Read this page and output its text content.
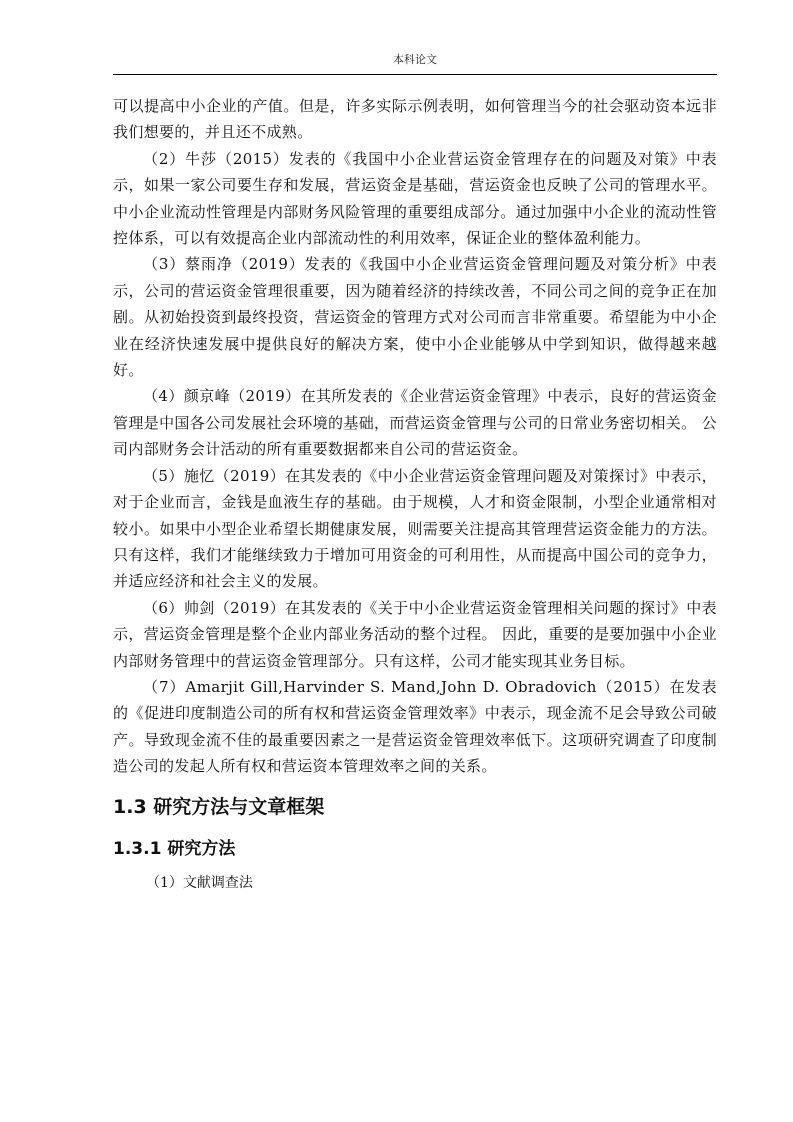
本科论文

可以提高中小企业的产值。但是，许多实际示例表明，如何管理当今的社会驱动资本远非我们想要的，并且还不成熟。

（2）牛莎（2015）发表的《我国中小企业营运资金管理存在的问题及对策》中表示，如果一家公司要生存和发展，营运资金是基础，营运资金也反映了公司的管理水平。中小企业流动性管理是内部财务风险管理的重要组成部分。通过加强中小企业的流动性管控体系，可以有效提高企业内部流动性的利用效率，保证企业的整体盈利能力。

（3）蔡雨净（2019）发表的《我国中小企业营运资金管理问题及对策分析》中表示，公司的营运资金管理很重要，因为随着经济的持续改善，不同公司之间的竞争正在加剧。从初始投资到最终投资，营运资金的管理方式对公司而言非常重要。希望能为中小企业在经济快速发展中提供良好的解决方案，使中小企业能够从中学到知识，做得越来越好。

（4）颜京峰（2019）在其所发表的《企业营运资金管理》中表示，良好的营运资金管理是中国各公司发展社会环境的基础，而营运资金管理与公司的日常业务密切相关。 公司内部财务会计活动的所有重要数据都来自公司的营运资金。

（5）施忆（2019）在其发表的《中小企业营运资金管理问题及对策探讨》中表示，对于企业而言，金钱是血液生存的基础。由于规模，人才和资金限制，小型企业通常相对较小。如果中小型企业希望长期健康发展，则需要关注提高其管理营运资金能力的方法。只有这样，我们才能继续致力于增加可用资金的可利用性，从而提高中国公司的竞争力，并适应经济和社会主义的发展。

（6）帅剑（2019）在其发表的《关于中小企业营运资金管理相关问题的探讨》中表示，营运资金管理是整个企业内部业务活动的整个过程。 因此，重要的是要加强中小企业内部财务管理中的营运资金管理部分。只有这样，公司才能实现其业务目标。

（7）Amarjit Gill,Harvinder S. Mand,John D. Obradovich（2015）在发表的《促进印度制造公司的所有权和营运资金管理效率》中表示，现金流不足会导致公司破产。导致现金流不佳的最重要因素之一是营运资金管理效率低下。这项研究调查了印度制造公司的发起人所有权和营运资本管理效率之间的关系。

1.3 研究方法与文章框架
1.3.1 研究方法

（1）文献调查法
